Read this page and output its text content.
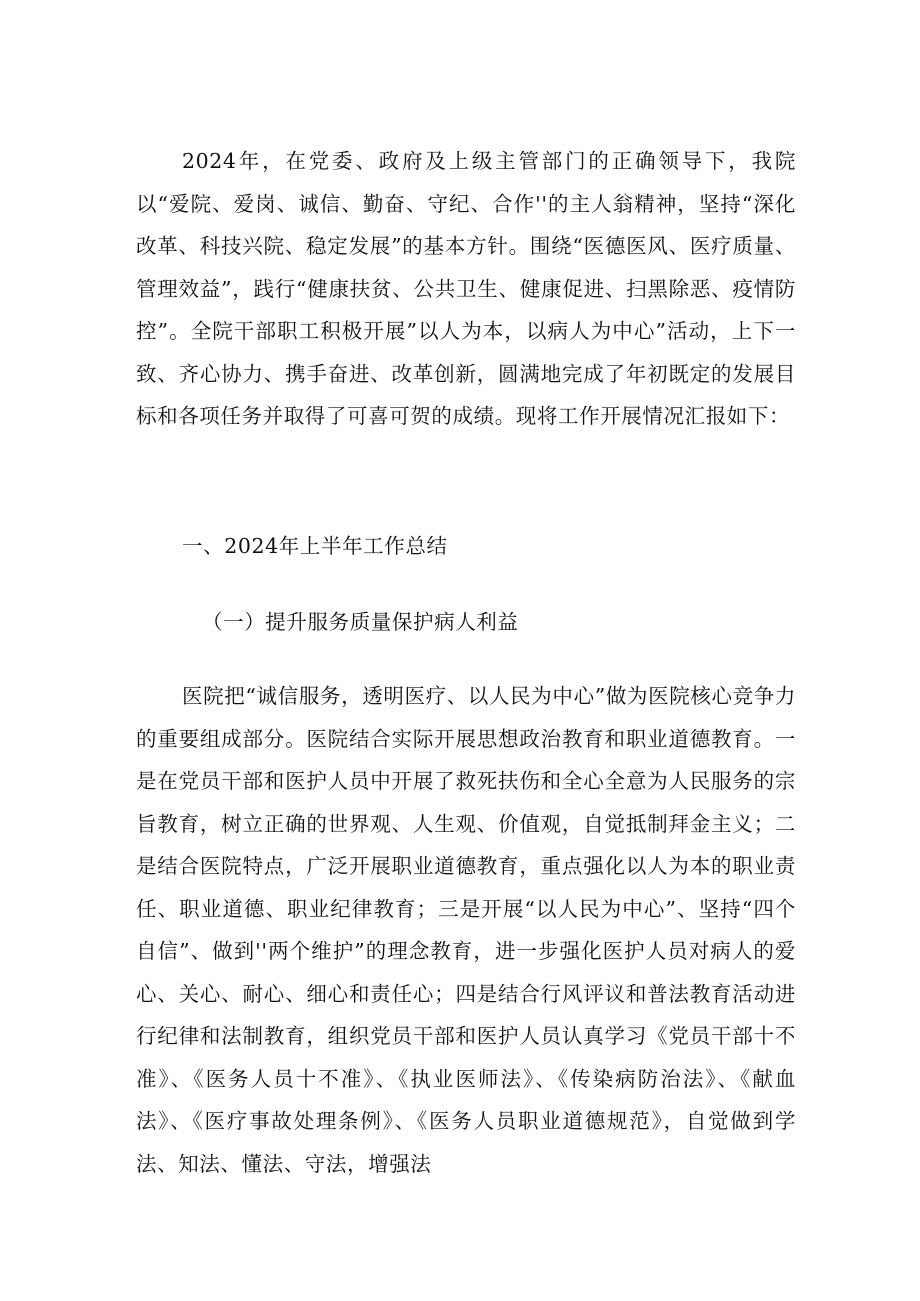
2024年，在党委、政府及上级主管部门的正确领导下，我院以“爱院、爱岗、诚信、勤奋、守纪、合作''的主人翁精神，坚持“深化改革、科技兴院、稳定发展”的基本方针。围绕“医德医风、医疗质量、管理效益”，践行“健康扶贫、公共卫生、健康促进、扫黑除恶、疫情防控”。全院干部职工积极开展”以人为本，以病人为中心”活动，上下一致、齐心协力、携手奋进、改革创新，圆满地完成了年初既定的发展目标和各项任务并取得了可喜可贺的成绩。现将工作开展情况汇报如下：

一、2024年上半年工作总结

（一）提升服务质量保护病人利益

医院把“诚信服务，透明医疗、以人民为中心”做为医院核心竞争力的重要组成部分。医院结合实际开展思想政治教育和职业道德教育。一是在党员干部和医护人员中开展了救死扶伤和全心全意为人民服务的宗旨教育，树立正确的世界观、人生观、价值观，自觉抵制拜金主义；二是结合医院特点，广泛开展职业道德教育，重点强化以人为本的职业责任、职业道德、职业纪律教育；三是开展“以人民为中心”、坚持“四个自信”、做到''两个维护”的理念教育，进一步强化医护人员对病人的爱心、关心、耐心、细心和责任心；四是结合行风评议和普法教育活动进行纪律和法制教育，组织党员干部和医护人员认真学习《党员干部十不准》、《医务人员十不准》、《执业医师法》、《传染病防治法》、《献血法》、《医疗事故处理条例》、《医务人员职业道德规范》，自觉做到学法、知法、懂法、守法，增强法
